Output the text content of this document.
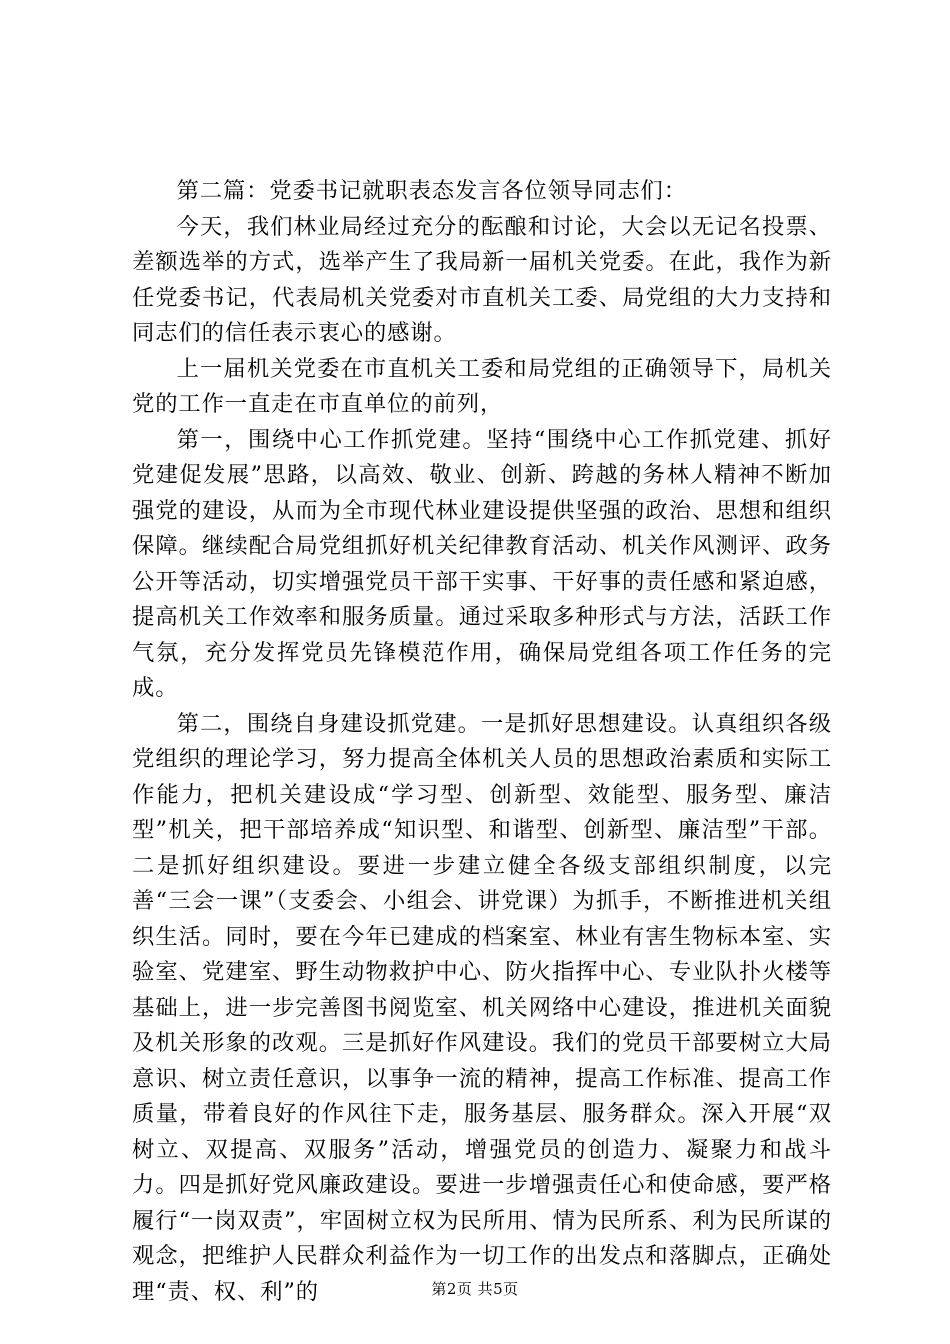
第二篇：党委书记就职表态发言各位领导同志们：

今天，我们林业局经过充分的酝酿和讨论，大会以无记名投票、差额选举的方式，选举产生了我局新一届机关党委。在此，我作为新任党委书记，代表局机关党委对市直机关工委、局党组的大力支持和同志们的信任表示衷心的感谢。

上一届机关党委在市直机关工委和局党组的正确领导下，局机关党的工作一直走在市直单位的前列，

第一，围绕中心工作抓党建。坚持“围绕中心工作抓党建、抓好党建促发展”思路，以高效、敬业、创新、跨越的务林人精神不断加强党的建设，从而为全市现代林业建设提供坚强的政治、思想和组织保障。继续配合局党组抓好机关纪律教育活动、机关作风测评、政务公开等活动，切实增强党员干部干实事、干好事的责任感和紧迫感，提高机关工作效率和服务质量。通过采取多种形式与方法，活跃工作气氛，充分发挥党员先锋模范作用，确保局党组各项工作任务的完成。

第二，围绕自身建设抓党建。一是抓好思想建设。认真组织各级党组织的理论学习，努力提高全体机关人员的思想政治素质和实际工作能力，把机关建设成“学习型、创新型、效能型、服务型、廉洁型”机关，把干部培养成“知识型、和谐型、创新型、廉洁型”干部。二是抓好组织建设。要进一步建立健全各级支部组织制度，以完善“三会一课”（支委会、小组会、讲党课）为抓手，不断推进机关组织生活。同时，要在今年已建成的档案室、林业有害生物标本室、实验室、党建室、野生动物救护中心、防火指挥中心、专业队扑火楼等基础上，进一步完善图书阅览室、机关网络中心建设，推进机关面貌及机关形象的改观。三是抓好作风建设。我们的党员干部要树立大局意识、树立责任意识，以事争一流的精神，提高工作标准、提高工作质量，带着良好的作风往下走，服务基层、服务群众。深入开展“双树立、双提高、双服务”活动，增强党员的创造力、凝聚力和战斗力。四是抓好党风廉政建设。要进一步增强责任心和使命感，要严格履行“一岗双责”，牢固树立权为民所用、情为民所系、利为民所谋的观念，把维护人民群众利益作为一切工作的出发点和落脚点，正确处理“责、权、利”的	第2页 共5页
